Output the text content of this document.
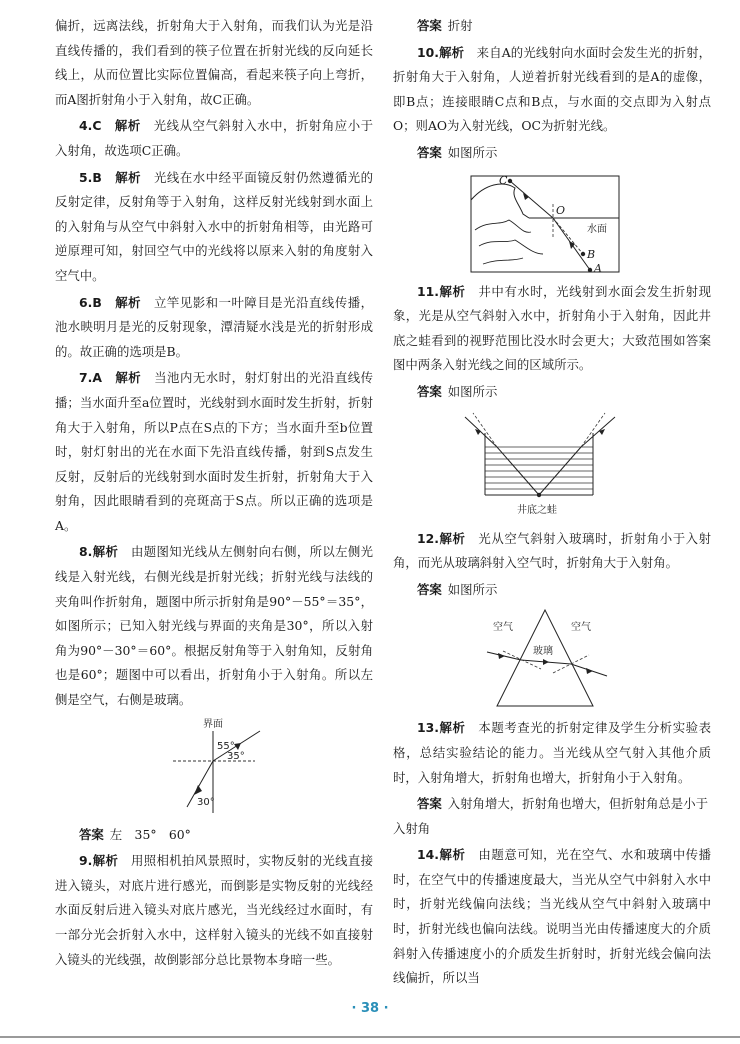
偏折，远离法线，折射角大于入射角，而我们认为光是沿直线传播的，我们看到的筷子位置在折射光线的反向延长线上，从而位置比实际位置偏高，看起来筷子向上弯折，而A图折射角小于入射角，故C正确。

4.C　 解析　 光线从空气斜射入水中，折射角应小于入射角，故选项C正确。

5.B　 解析　 光线在水中经平面镜反射仍然遵循光的反射定律，反射角等于入射角，这样反射光线射到水面上的入射角与从空气中斜射入水中的折射角相等，由光路可逆原理可知，射回空气中的光线将以原来入射的角度射入空气中。

6.B　 解析　 立竿见影和一叶障目是光沿直线传播，池水映明月是光的反射现象，潭清疑水浅是光的折射形成的。故正确的选项是B。

7.A　 解析　 当池内无水时，射灯射出的光沿直线传播；当水面升至a位置时，光线射到水面时发生折射，折射角大于入射角，所以P点在S点的下方；当水面升至b位置时，射灯射出的光在水面下先沿直线传播，射到S点发生反射，反射后的光线射到水面时发生折射，折射角大于入射角，因此眼睛看到的亮斑高于S点。所以正确的选项是A。

8.解析　 由题图知光线从左侧射向右侧，所以左侧光线是入射光线，右侧光线是折射光线；折射光线与法线的夹角叫作折射角，题图中所示折射角是90°－55°＝35°，如图所示；已知入射光线与界面的夹角是30°，所以入射角为90°－30°＝60°。根据反射角等于入射角知，反射角也是60°；题图中可以看出，折射角小于入射角。所以左侧是空气，右侧是玻璃。

界面
55°
35°
30°

答案 左　35°　60°

9.解析　 用照相机拍风景照时，实物反射的光线直接进入镜头，对底片进行感光，而倒影是实物反射的光线经水面反射后进入镜头对底片感光，当光线经过水面时，有一部分光会折射入水中，这样射入镜头的光线不如直接射入镜头的光线强，故倒影部分总比景物本身暗一些。

答案 折射

10.解析　 来自A的光线射向水面时会发生光的折射，折射角大于入射角，人逆着折射光线看到的是A的虚像，即B点；连接眼睛C点和B点，与水面的交点即为入射点O；则AO为入射光线，OC为折射光线。

答案 如图所示

C
O
水面
B
A

11.解析　 井中有水时，光线射到水面会发生折射现象，光是从空气斜射入水中，折射角小于入射角，因此井底之蛙看到的视野范围比没水时会更大；大致范围如答案图中两条入射光线之间的区域所示。

答案 如图所示

井底之蛙

12.解析　 光从空气斜射入玻璃时，折射角小于入射角，而光从玻璃斜射入空气时，折射角大于入射角。

答案 如图所示

空气	空气
玻璃

13.解析　 本题考查光的折射定律及学生分析实验表格，总结实验结论的能力。当光线从空气射入其他介质时，入射角增大，折射角也增大，折射角小于入射角。

答案 入射角增大，折射角也增大，但折射角总是小于入射角

14.解析　 由题意可知，光在空气、水和玻璃中传播时，在空气中的传播速度最大，当光从空气中斜射入水中时，折射光线偏向法线；当光线从空气中斜射入玻璃中时，折射光线也偏向法线。说明当光由传播速度大的介质斜射入传播速度小的介质发生折射时，折射光线会偏向法线偏折，所以当

· 38 ·
